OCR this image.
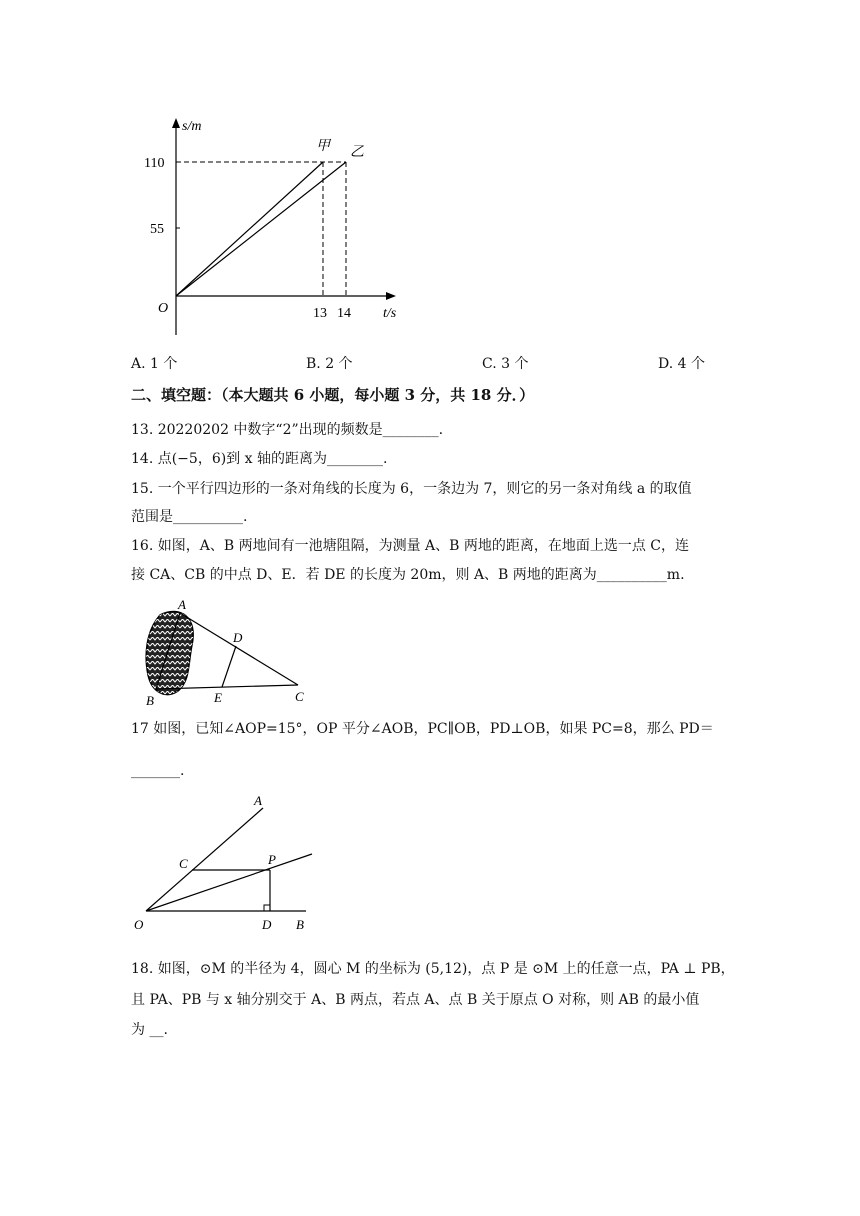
s/m
110
55
O	13 14 t/s
甲 乙
A. 1 个	B. 2 个	C. 3 个	D. 4 个
二、填空题：（本大题共 6 小题，每小题 3 分，共 18 分．）
13. 20220202 中数字“2”出现的频数是________.
14. 点(−5，6)到 x 轴的距离为________.
15. 一个平行四边形的一条对角线的长度为 6，一条边为 7，则它的另一条对角线 a 的取值
范围是__________.
16. 如图，A、B 两地间有一池塘阻隔，为测量 A、B 两地的距离，在地面上选一点 C，连
接 CA、CB 的中点 D、E．若 DE 的长度为 20m，则 A、B 两地的距离为__________m.
A
B	C
D
E
17 如图，已知∠AOP=15°，OP 平分∠AOB，PC∥OB，PD⊥OB，如果 PC=8，那么 PD＝
_______.
A
C	P
O	D B
18. 如图，⊙M 的半径为 4，圆心 M 的坐标为 (5,12)，点 P 是 ⊙M 上的任意一点，PA ⊥ PB，
且 PA、PB 与 x 轴分别交于 A、B 两点，若点 A、点 B 关于原点 O 对称，则 AB 的最小值
为 __.
